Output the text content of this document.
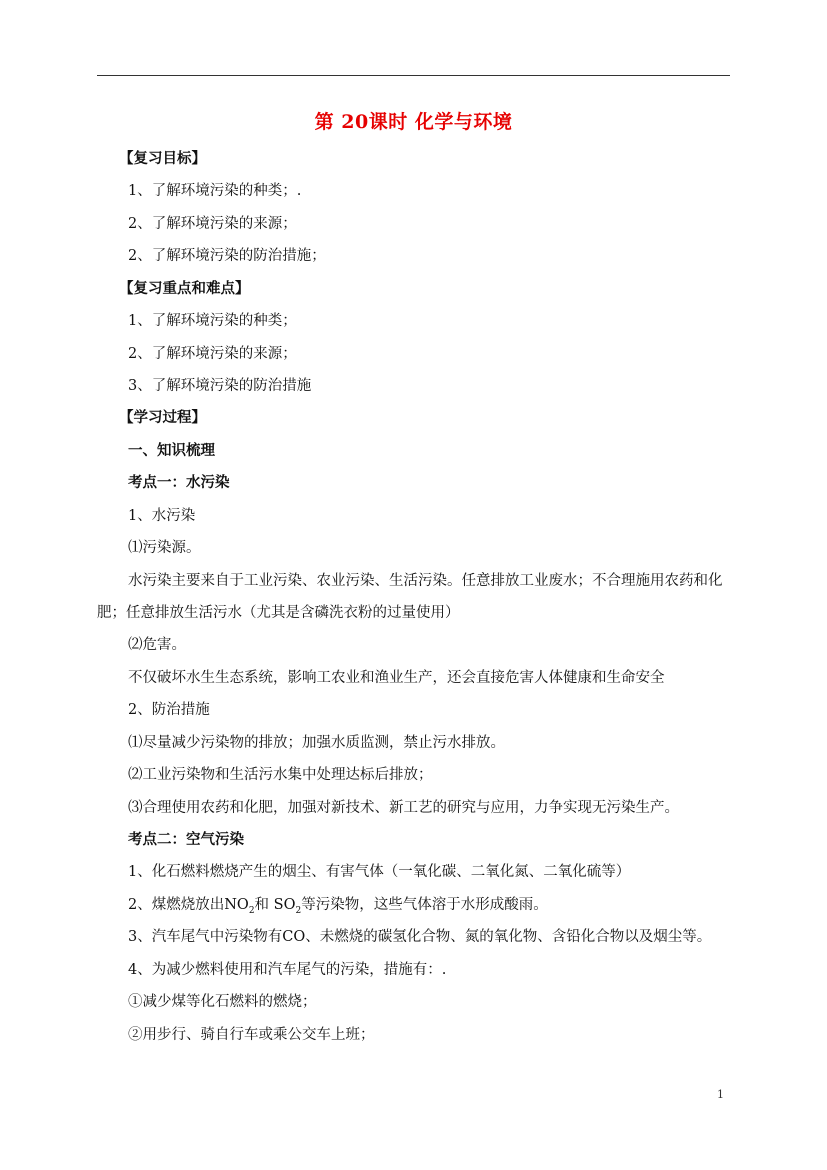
第 20课时 化学与环境
【复习目标】
1、了解环境污染的种类；.
2、了解环境污染的来源；
2、了解环境污染的防治措施；
【复习重点和难点】
1、了解环境污染的种类；
2、了解环境污染的来源；
3、了解环境污染的防治措施
【学习过程】
一、知识梳理
考点一：水污染
1、水污染
⑴污染源。
水污染主要来自于工业污染、农业污染、生活污染。任意排放工业废水；不合理施用农药和化肥；任意排放生活污水（尤其是含磷洗衣粉的过量使用）
⑵危害。
不仅破坏水生生态系统，影响工农业和渔业生产，还会直接危害人体健康和生命安全
2、防治措施
⑴尽量减少污染物的排放；加强水质监测，禁止污水排放。
⑵工业污染物和生活污水集中处理达标后排放；
⑶合理使用农药和化肥，加强对新技术、新工艺的研究与应用，力争实现无污染生产。
考点二：空气污染
1、化石燃料燃烧产生的烟尘、有害气体（一氧化碳、二氧化氮、二氧化硫等）
2、煤燃烧放出$NO_2$和 $SO_2$等污染物，这些气体溶于水形成酸雨。
3、汽车尾气中污染物有CO、未燃烧的碳氢化合物、氮的氧化物、含铅化合物以及烟尘等。
4、为减少燃料使用和汽车尾气的污染，措施有：.
①减少煤等化石燃料的燃烧；
②用步行、骑自行车或乘公交车上班；
1
